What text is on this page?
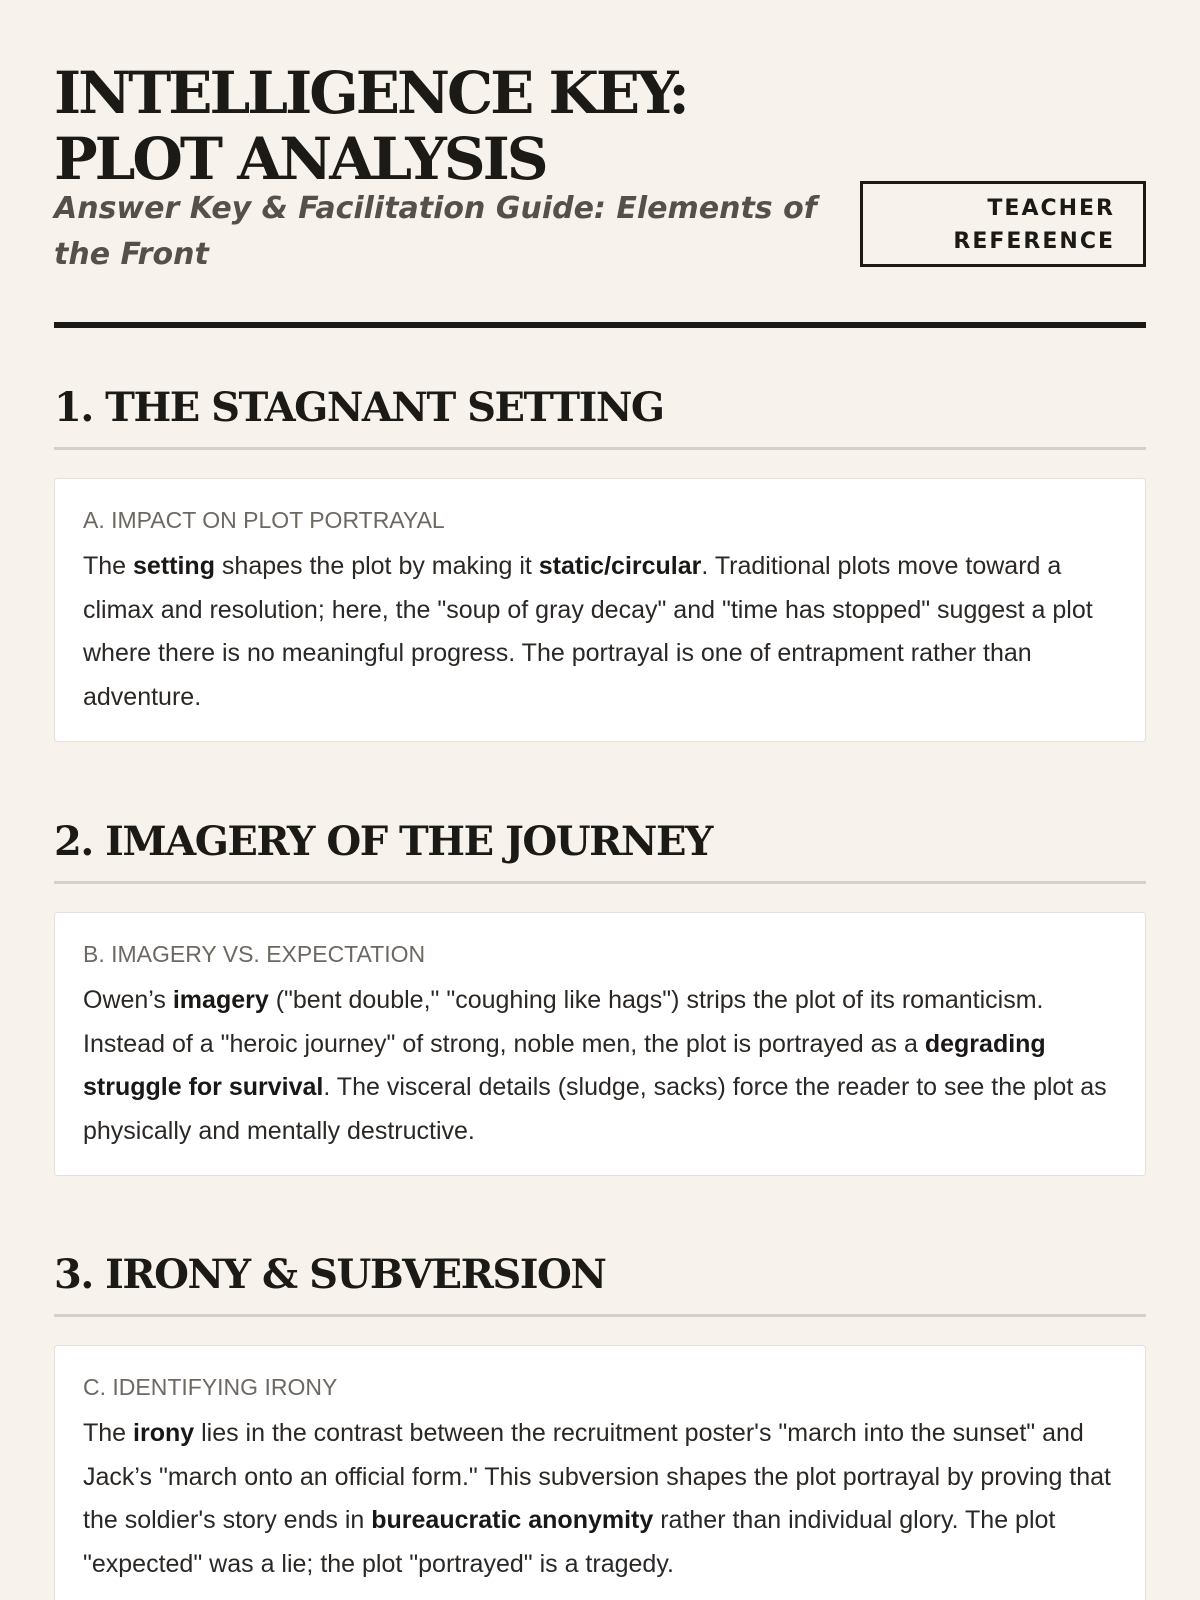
INTELLIGENCE KEY: PLOT ANALYSIS
Answer Key & Facilitation Guide: Elements of the Front
TEACHER
REFERENCE
1. THE STAGNANT SETTING
A. IMPACT ON PLOT PORTRAYAL

The setting shapes the plot by making it static/circular. Traditional plots move toward a climax and resolution; here, the "soup of gray decay" and "time has stopped" suggest a plot where there is no meaningful progress. The portrayal is one of entrapment rather than adventure.

2. IMAGERY OF THE JOURNEY
B. IMAGERY VS. EXPECTATION

Owen’s imagery ("bent double," "coughing like hags") strips the plot of its romanticism. Instead of a "heroic journey" of strong, noble men, the plot is portrayed as a degrading struggle for survival. The visceral details (sludge, sacks) force the reader to see the plot as physically and mentally destructive.

3. IRONY & SUBVERSION
C. IDENTIFYING IRONY

The irony lies in the contrast between the recruitment poster's "march into the sunset" and Jack’s "march onto an official form." This subversion shapes the plot portrayal by proving that the soldier's story ends in bureaucratic anonymity rather than individual glory. The plot "expected" was a lie; the plot "portrayed" is a tragedy.
